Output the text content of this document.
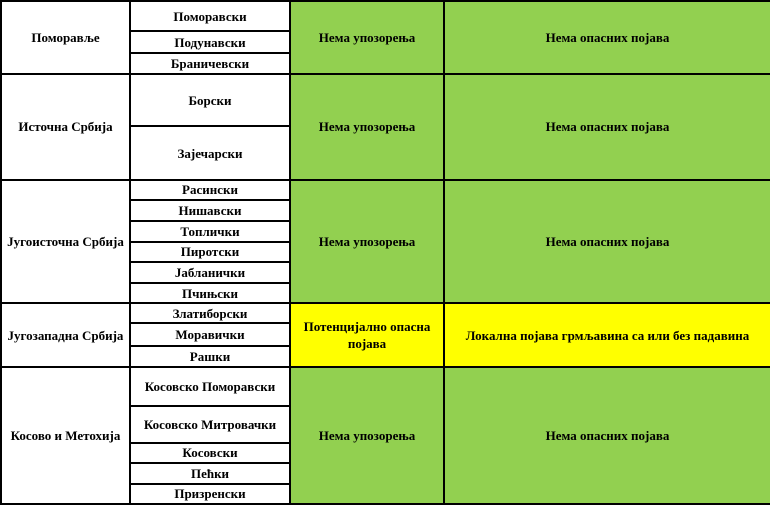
Поморавље	Поморавски	Нема упозорења	Нема опасних појава
	Подунавски		
	Браничевски		
Источна Србија	Борски	Нема упозорења	Нема опасних појава
	Зајечарски		
Југоисточна Србија	Расински	Нема упозорења	Нема опасних појава
	Нишавски		
	Топлички		
	Пиротски		
	Јабланички		
	Пчињски		
Југозападна Србија	Златиборски	Потенцијално опасна појава	Локална појава грмљавина са или без падавина
	Моравички		
	Рашки		
Косово и Метохија	Косовско Поморавски	Нема упозорења	Нема опасних појава
	Косовско Митровачки		
	Косовски		
	Пећки		
	Призренски		
